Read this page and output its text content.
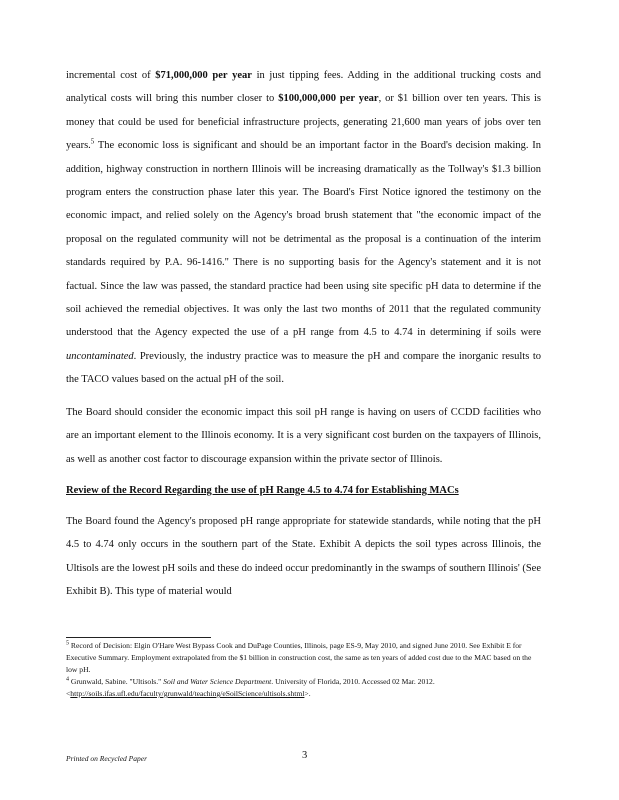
incremental cost of $71,000,000 per year in just tipping fees. Adding in the additional trucking costs and analytical costs will bring this number closer to $100,000,000 per year, or $1 billion over ten years. This is money that could be used for beneficial infrastructure projects, generating 21,600 man years of jobs over ten years.$^5$ The economic loss is significant and should be an important factor in the Board's decision making. In addition, highway construction in northern Illinois will be increasing dramatically as the Tollway's $1.3 billion program enters the construction phase later this year. The Board's First Notice ignored the testimony on the economic impact, and relied solely on the Agency's broad brush statement that "the economic impact of the proposal on the regulated community will not be detrimental as the proposal is a continuation of the interim standards required by P.A. 96-1416." There is no supporting basis for the Agency's statement and it is not factual. Since the law was passed, the standard practice had been using site specific pH data to determine if the soil achieved the remedial objectives. It was only the last two months of 2011 that the regulated community understood that the Agency expected the use of a pH range from 4.5 to 4.74 in determining if soils were uncontaminated. Previously, the industry practice was to measure the pH and compare the inorganic results to the TACO values based on the actual pH of the soil.

The Board should consider the economic impact this soil pH range is having on users of CCDD facilities who are an important element to the Illinois economy. It is a very significant cost burden on the taxpayers of Illinois, as well as another cost factor to discourage expansion within the private sector of Illinois.

Review of the Record Regarding the use of pH Range 4.5 to 4.74 for Establishing MACs

The Board found the Agency's proposed pH range appropriate for statewide standards, while noting that the pH 4.5 to 4.74 only occurs in the southern part of the State. Exhibit A depicts the soil types across Illinois, the Ultisols are the lowest pH soils and these do indeed occur predominantly in the swamps of southern Illinois' (See Exhibit B). This type of material would

$^5$ Record of Decision: Elgin O'Hare West Bypass Cook and DuPage Counties, Illinois, page ES-9, May 2010, and signed June 2010. See Exhibit E for Executive Summary. Employment extrapolated from the $1 billion in construction cost, the same as ten years of added cost due to the MAC based on the low pH.

$^4$ Grunwald, Sabine. "Ultisols." Soil and Water Science Department. University of Florida, 2010. Accessed 02 Mar. 2012. <http://soils.ifas.ufl.edu/faculty/grunwald/teaching/eSoilScience/ultisols.shtml>.

Printed on Recycled Paper	3
